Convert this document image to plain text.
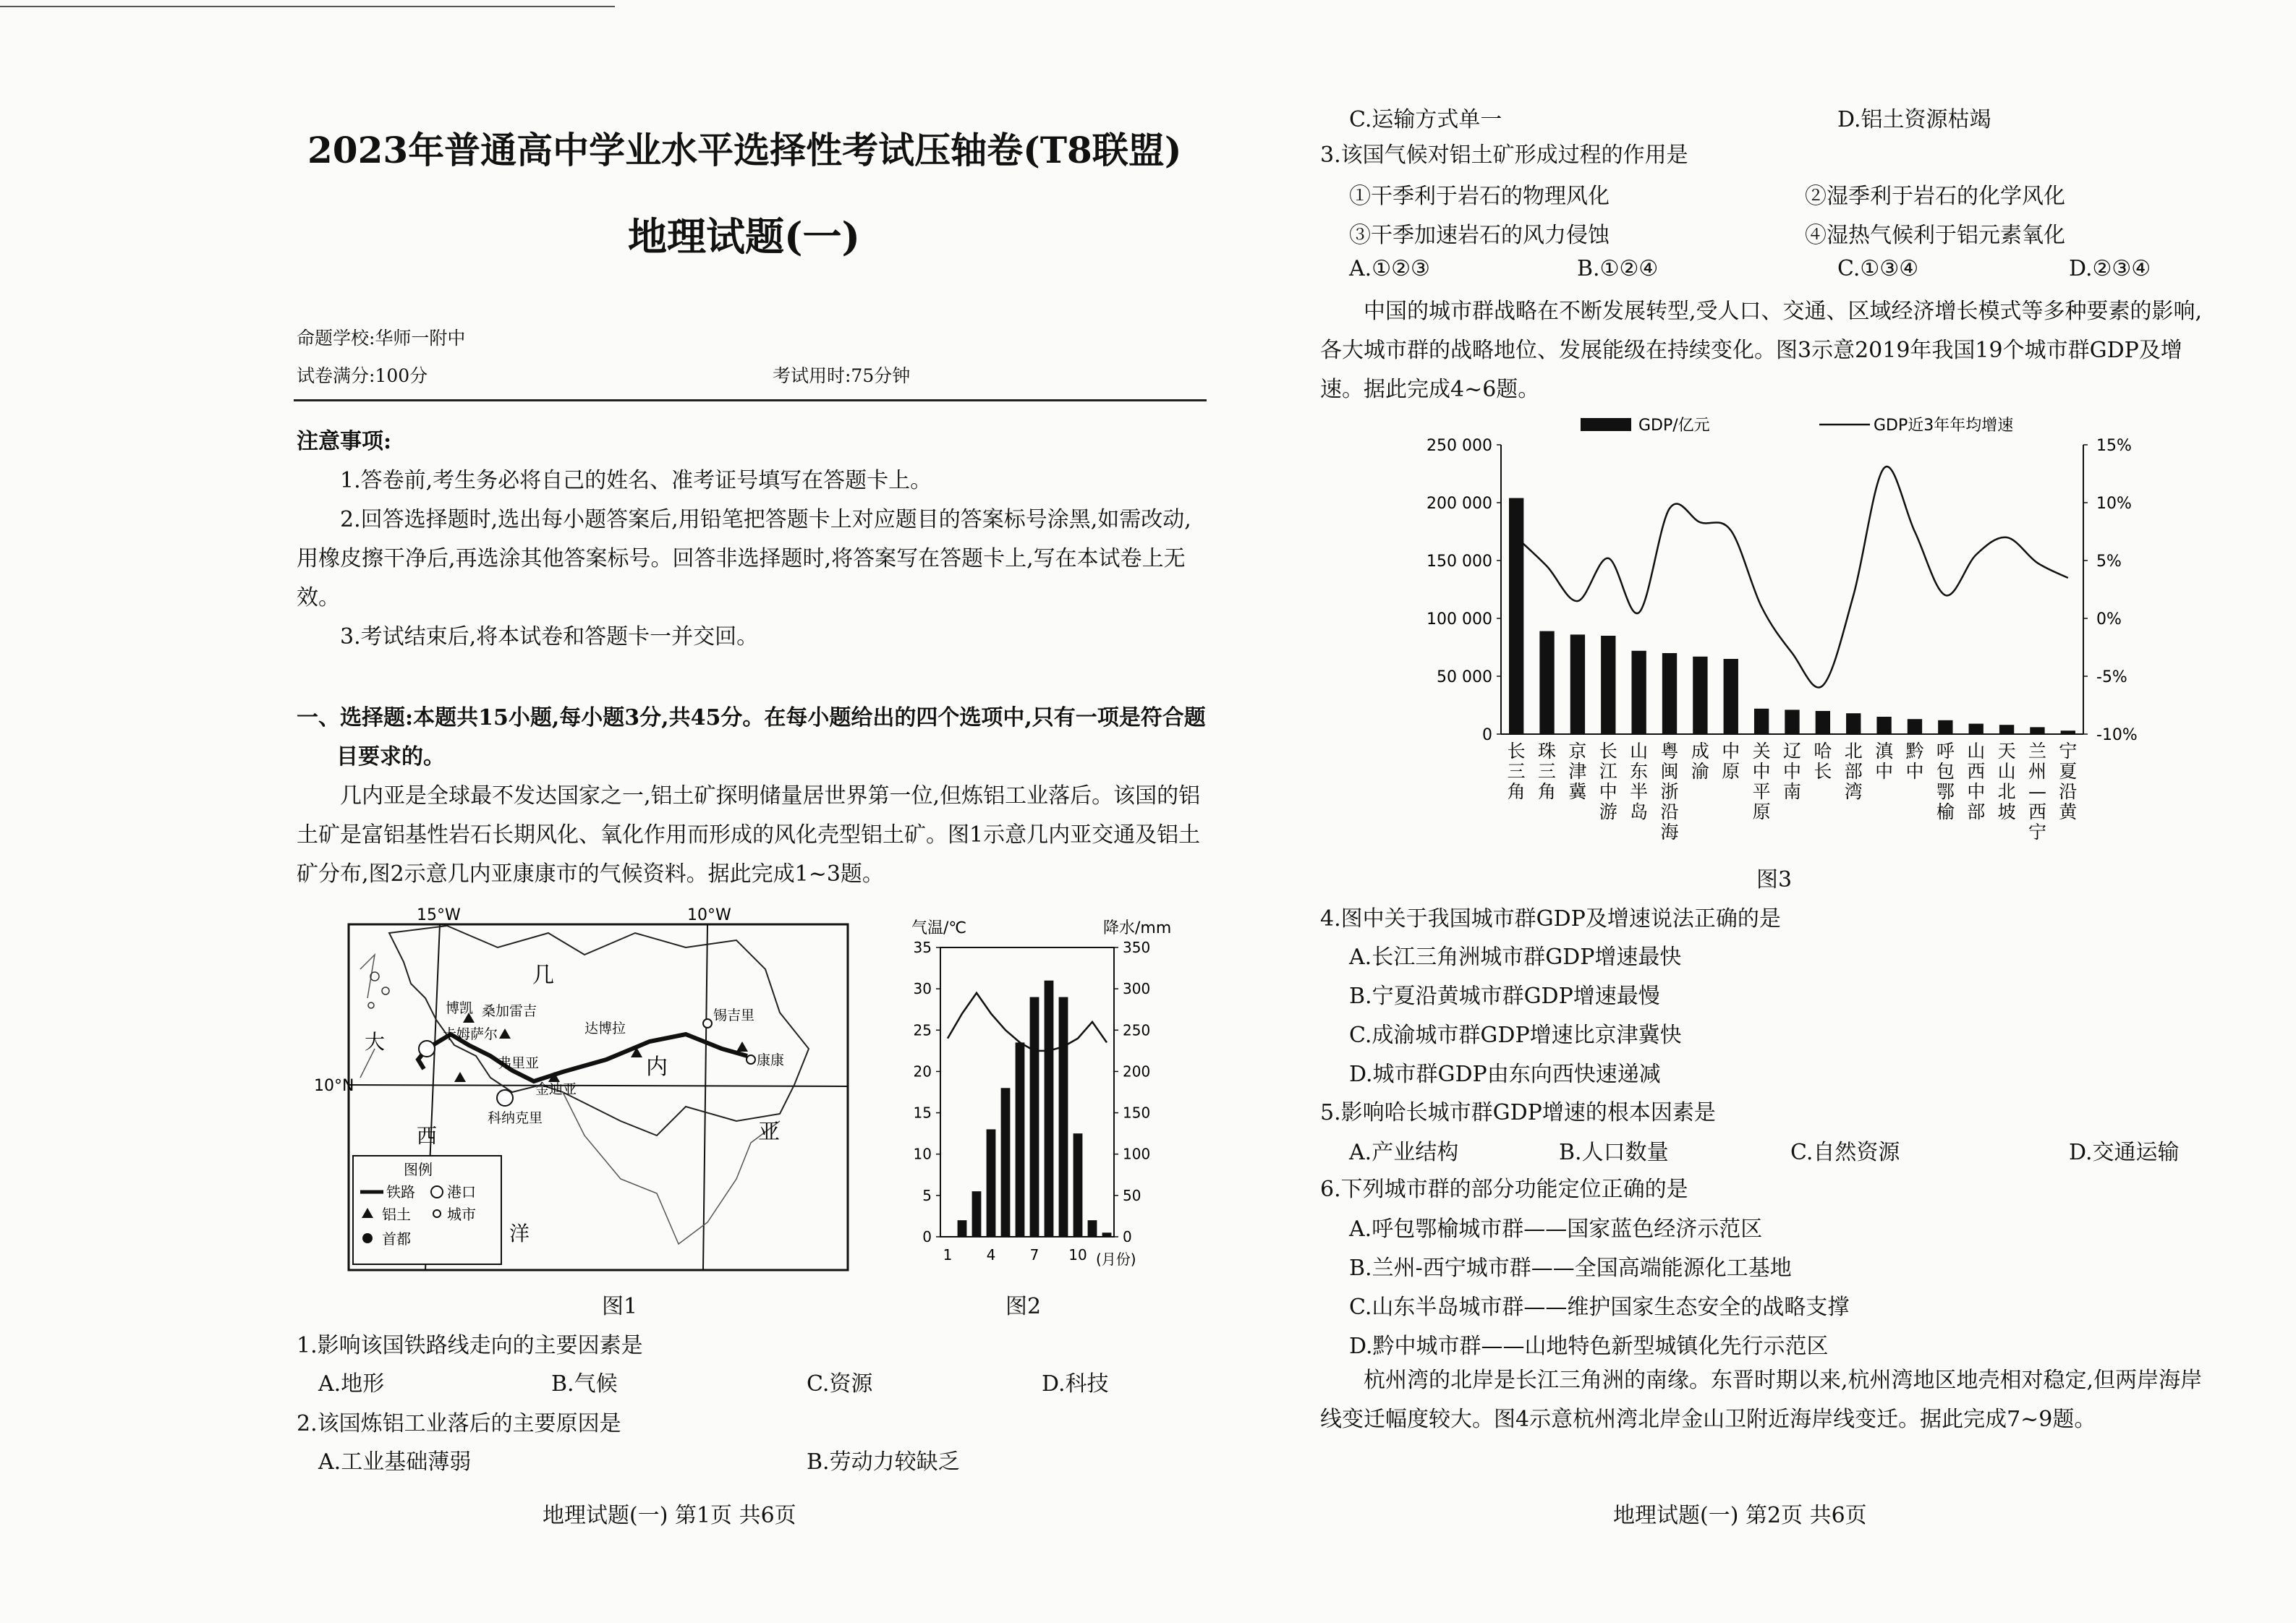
2023年普通高中学业水平选择性考试压轴卷(T8联盟)
地理试题(一)
命题学校:华师一附中
试卷满分:100分	考试用时:75分钟
注意事项:
1.答卷前,考生务必将自己的姓名、准考证号填写在答题卡上。
2.回答选择题时,选出每小题答案后,用铅笔把答题卡上对应题目的答案标号涂黑,如需改动,用橡皮擦干净后,再选涂其他答案标号。回答非选择题时,将答案写在答题卡上,写在本试卷上无效。
3.考试结束后,将本试卷和答题卡一并交回。
一、选择题:本题共15小题,每小题3分,共45分。在每小题给出的四个选项中,只有一项是符合题目要求的。
几内亚是全球最不发达国家之一,铝土矿探明储量居世界第一位,但炼铝工业落后。该国的铝土矿是富铝基性岩石长期风化、氧化作用而形成的风化壳型铝土矿。图1示意几内亚交通及铝土矿分布,图2示意几内亚康康市的气候资料。据此完成1~3题。
15°W	10°W
10°N
几
内
亚
大
西
洋
博凯 桑加雷吉
卡姆萨尔
弗里亚
金迪亚
达博拉
锡吉里
康康
科纳克里
图例
铁路 港口
铝土	城市
首都
图1
气温/℃	降水/mm
(月份)
0
5
10
15
20
25
30
35
0
50
100
150
200
250
300
350
1 4 7 10
图2
1.影响该国铁路线走向的主要因素是
A.地形	B.气候	C.资源	D.科技
2.该国炼铝工业落后的主要原因是
A.工业基础薄弱	B.劳动力较缺乏
地理试题(一) 第1页 共6页
C.运输方式单一	D.铝土资源枯竭
3.该国气候对铝土矿形成过程的作用是
①干季利于岩石的物理风化	②湿季利于岩石的化学风化
③干季加速岩石的风力侵蚀	④湿热气候利于铝元素氧化
A.①②③	B.①②④	C.①③④	D.②③④
中国的城市群战略在不断发展转型,受人口、交通、区域经济增长模式等多种要素的影响,各大城市群的战略地位、发展能级在持续变化。图3示意2019年我国19个城市群GDP及增速。据此完成4~6题。
0
50 000
100 000
150 000
200 000
250 000
-10%
-5%
0%
5%
10%
15%
GDP/亿元	GDP近3年年均增速
长
三
角
珠
三
角
京
津
冀
长
江
中
游
山
东
半
岛
粤
闽
浙
沿
海
成
渝
中
原
关
中
平
原
辽
中
南
哈
长
北
部
湾
滇
中
黔
中
呼
包
鄂
榆
山
西
中
部
天
山
北
坡
兰
州
—
西
宁
宁
夏
沿
黄
图3
4.图中关于我国城市群GDP及增速说法正确的是
A.长江三角洲城市群GDP增速最快
B.宁夏沿黄城市群GDP增速最慢
C.成渝城市群GDP增速比京津冀快
D.城市群GDP由东向西快速递减
5.影响哈长城市群GDP增速的根本因素是
A.产业结构	B.人口数量	C.自然资源	D.交通运输
6.下列城市群的部分功能定位正确的是
A.呼包鄂榆城市群——国家蓝色经济示范区
B.兰州-西宁城市群——全国高端能源化工基地
C.山东半岛城市群——维护国家生态安全的战略支撑
D.黔中城市群——山地特色新型城镇化先行示范区
杭州湾的北岸是长江三角洲的南缘。东晋时期以来,杭州湾地区地壳相对稳定,但两岸海岸线变迁幅度较大。图4示意杭州湾北岸金山卫附近海岸线变迁。据此完成7~9题。
地理试题(一) 第2页 共6页
